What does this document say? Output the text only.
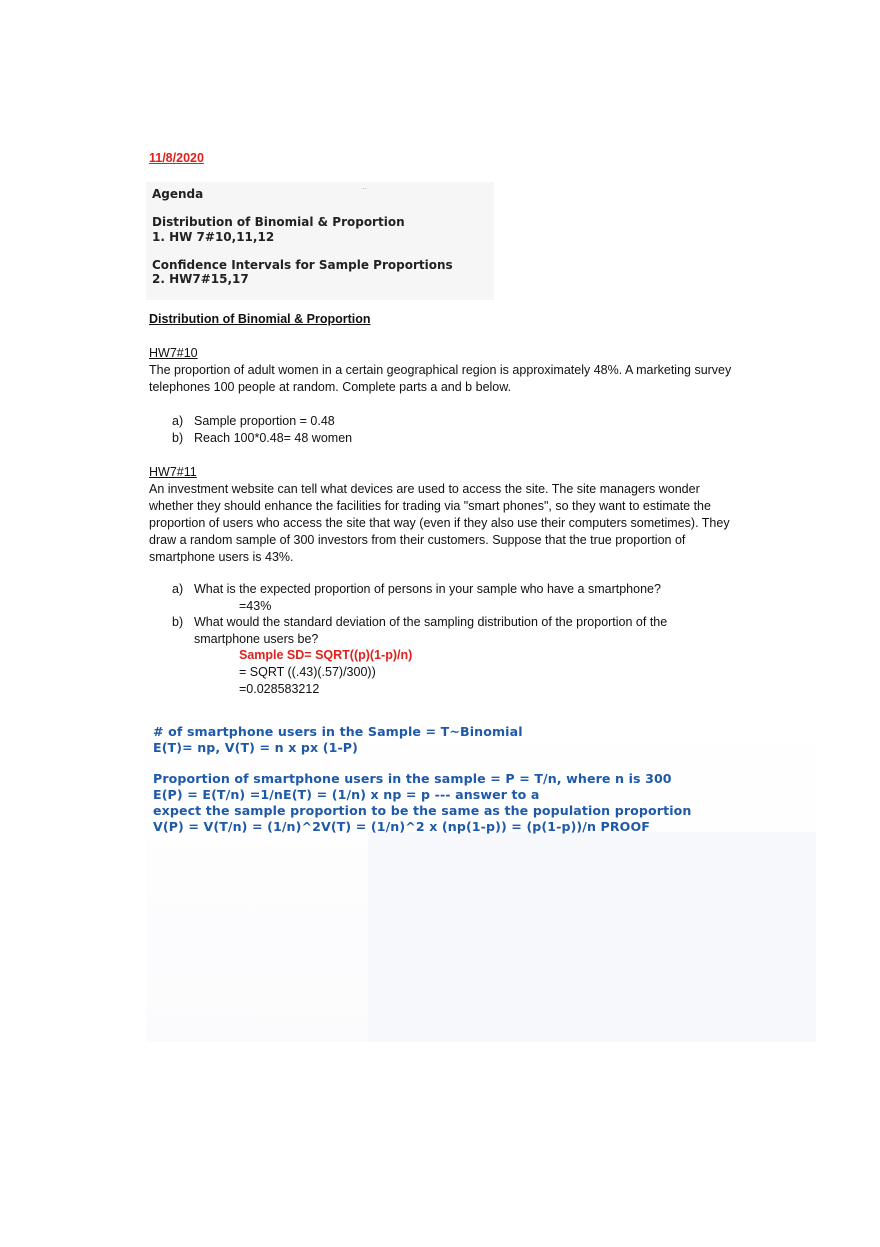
11/8/2020
..
Agenda
Distribution of Binomial & Proportion
1. HW 7#10,11,12
Confidence Intervals for Sample Proportions
2. HW7#15,17
Distribution of Binomial & Proportion
HW7#10
The proportion of adult women in a certain geographical region is approximately 48%. A marketing survey telephones 100 people at random. Complete parts a and b below.
a) Sample proportion = 0.48
b) Reach 100*0.48= 48 women
HW7#11
An investment website can tell what devices are used to access the site. The site managers wonder whether they should enhance the facilities for trading via "smart phones", so they want to estimate the proportion of users who access the site that way (even if they also use their computers sometimes). They draw a random sample of 300 investors from their customers. Suppose that the true proportion of smartphone users is 43%.
a) What is the expected proportion of persons in your sample who have a smartphone?
=43%
b) What would the standard deviation of the sampling distribution of the proportion of the
smartphone users be?
Sample SD= SQRT((p)(1-p)/n)
= SQRT ((.43)(.57)/300))
=0.028583212
# of smartphone users in the Sample = T~Binomial
E(T)= np, V(T) = n x px (1-P)
Proportion of smartphone users in the sample = P = T/n, where n is 300
E(P) = E(T/n) =1/nE(T) = (1/n) x np = p --- answer to a
expect the sample proportion to be the same as the population proportion
V(P) = V(T/n) = (1/n)^2V(T) = (1/n)^2 x (np(1-p)) = (p(1-p))/n PROOF
